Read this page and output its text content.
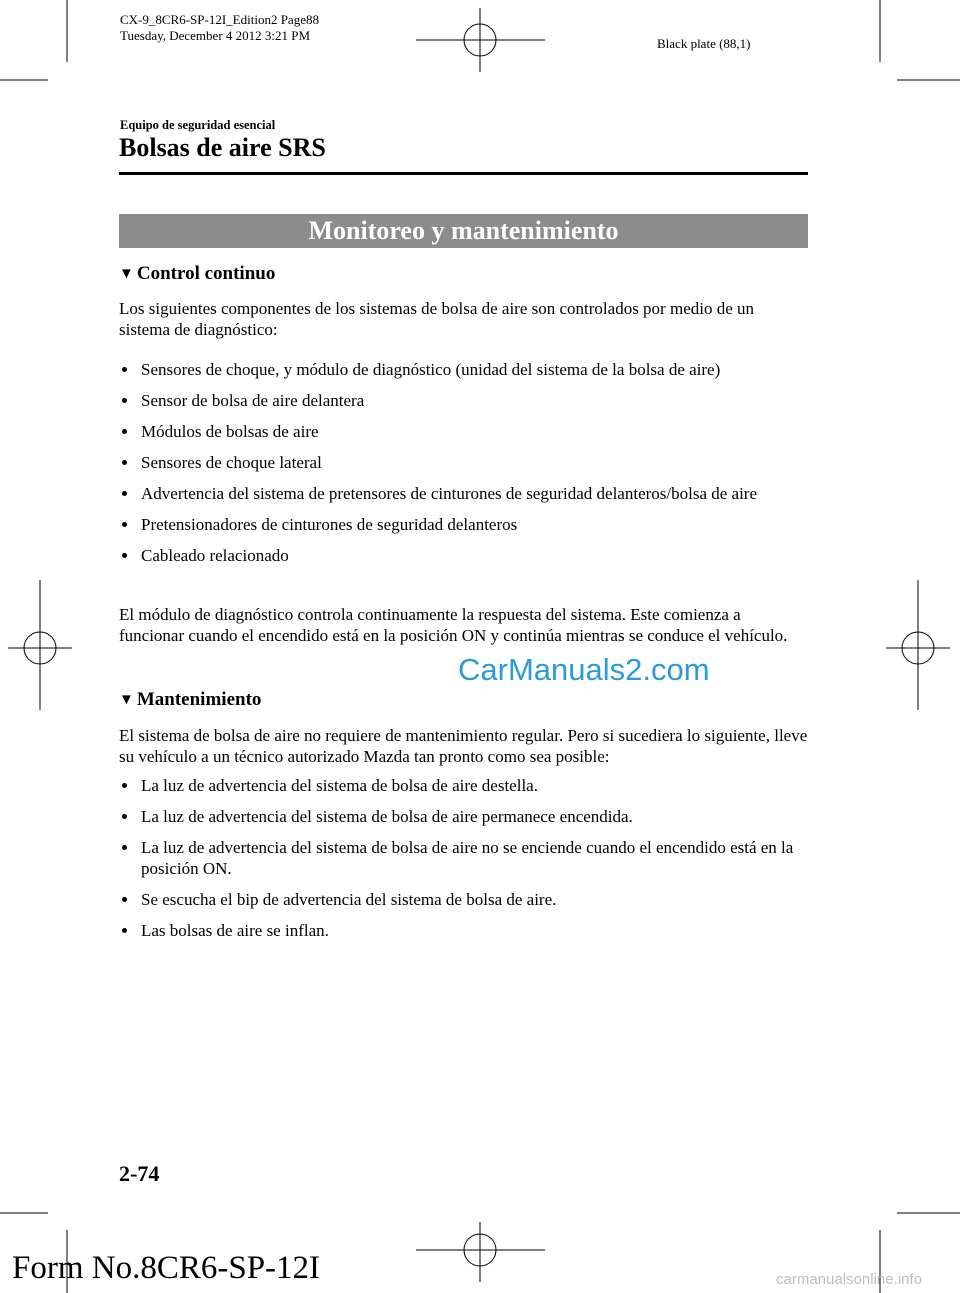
CX-9_8CR6-SP-12I_Edition2 Page88
Tuesday, December 4 2012 3:21 PM
Black plate (88,1)
Equipo de seguridad esencial
Bolsas de aire SRS
Monitoreo y mantenimiento
▼ Control continuo
Los siguientes componentes de los sistemas de bolsa de aire son controlados por medio de un sistema de diagnóstico:
Sensores de choque, y módulo de diagnóstico (unidad del sistema de la bolsa de aire)
Sensor de bolsa de aire delantera
Módulos de bolsas de aire
Sensores de choque lateral
Advertencia del sistema de pretensores de cinturones de seguridad delanteros/bolsa de aire
Pretensionadores de cinturones de seguridad delanteros
Cableado relacionado
El módulo de diagnóstico controla continuamente la respuesta del sistema. Este comienza a funcionar cuando el encendido está en la posición ON y continúa mientras se conduce el vehículo.
CarManuals2.com
▼ Mantenimiento
El sistema de bolsa de aire no requiere de mantenimiento regular. Pero si sucediera lo siguiente, lleve su vehículo a un técnico autorizado Mazda tan pronto como sea posible:
La luz de advertencia del sistema de bolsa de aire destella.
La luz de advertencia del sistema de bolsa de aire permanece encendida.
La luz de advertencia del sistema de bolsa de aire no se enciende cuando el encendido está en la posición ON.
Se escucha el bip de advertencia del sistema de bolsa de aire.
Las bolsas de aire se inflan.
2-74
Form No.8CR6-SP-12I	carmanualsonline.info
